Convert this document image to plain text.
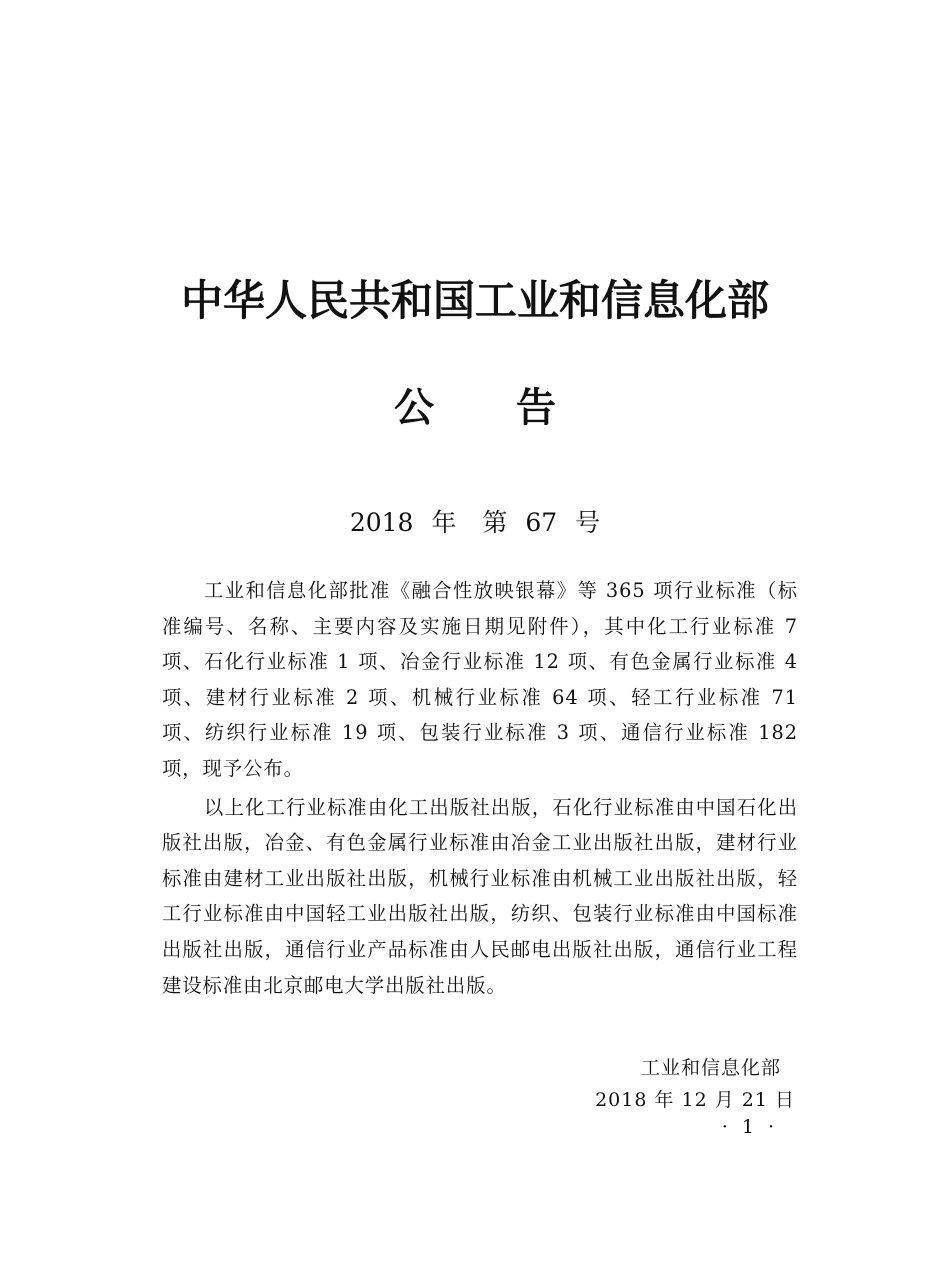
中华人民共和国工业和信息化部
公告
2018 年 第 67 号

工业和信息化部批准《融合性放映银幕》等 365 项行业标准（标准编号、名称、主要内容及实施日期见附件），其中化工行业标准 7 项、石化行业标准 1 项、冶金行业标准 12 项、有色金属行业标准 4 项、建材行业标准 2 项、机械行业标准 64 项、轻工行业标准 71 项、纺织行业标准 19 项、包装行业标准 3 项、通信行业标准 182 项，现予公布。

以上化工行业标准由化工出版社出版，石化行业标准由中国石化出版社出版，冶金、有色金属行业标准由冶金工业出版社出版，建材行业标准由建材工业出版社出版，机械行业标准由机械工业出版社出版，轻工行业标准由中国轻工业出版社出版，纺织、包装行业标准由中国标准出版社出版，通信行业产品标准由人民邮电出版社出版，通信行业工程建设标准由北京邮电大学出版社出版。

工业和信息化部
2018 年 12 月 21 日
· 1 ·
